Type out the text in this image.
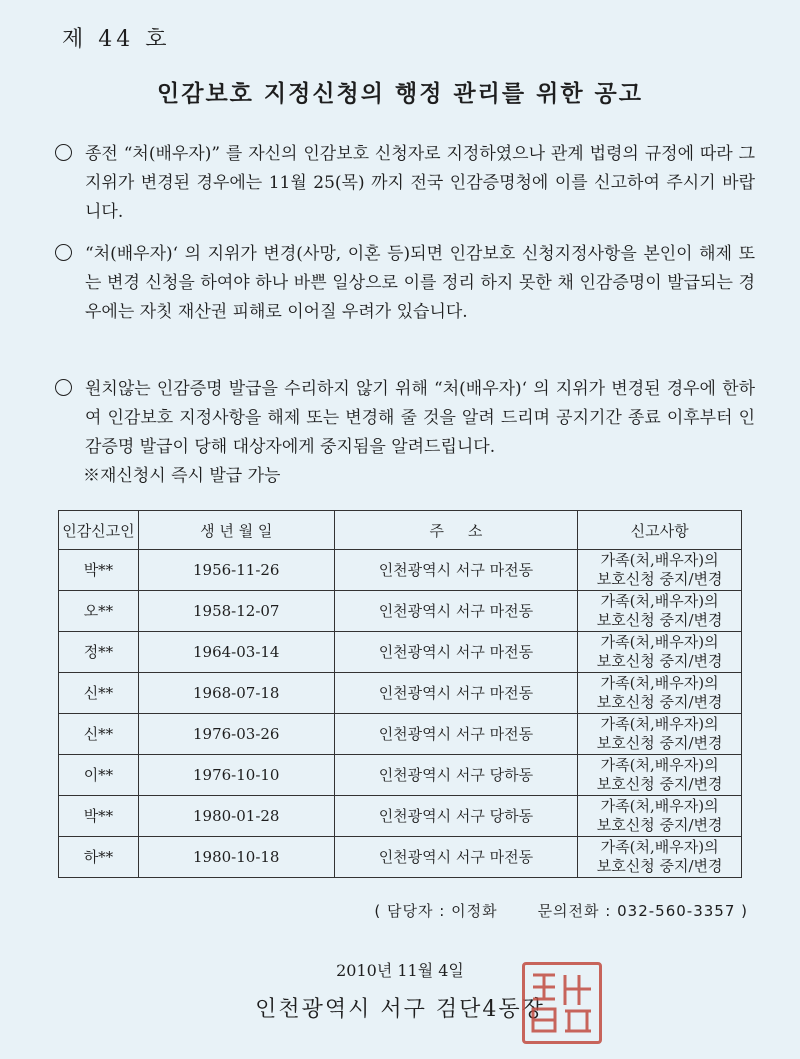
제 44 호
인감보호 지정신청의 행정 관리를 위한 공고
종전 “처(배우자)” 를 자신의 인감보호 신청자로 지정하였으나 관계 법령의 규정에 따라 그 지위가 변경된 경우에는 11월 25(목) 까지 전국 인감증명청에 이를 신고하여 주시기 바랍니다.
“처(배우자)‘ 의 지위가 변경(사망, 이혼 등)되면 인감보호 신청지정사항을 본인이 해제 또는 변경 신청을 하여야 하나 바쁜 일상으로 이를 정리 하지 못한 채 인감증명이 발급되는 경우에는 자칫 재산권 피해로 이어질 우려가 있습니다.
원치않는 인감증명 발급을 수리하지 않기 위해 “처(배우자)‘ 의 지위가 변경된 경우에 한하여 인감보호 지정사항을 해제 또는 변경해 줄 것을 알려 드리며 공지기간 종료 이후부터 인감증명 발급이 당해 대상자에게 중지됨을 알려드립니다.
※재신청시 즉시 발급 가능
인감신고인	생 년 월 일	주     소	신고사항
박**	1956-11-26	인천광역시 서구 마전동	가족(처,배우자)의
보호신청 중지/변경

오**	1958-12-07	인천광역시 서구 마전동	가족(처,배우자)의
보호신청 중지/변경

정**	1964-03-14	인천광역시 서구 마전동	가족(처,배우자)의
보호신청 중지/변경

신**	1968-07-18	인천광역시 서구 마전동	가족(처,배우자)의
보호신청 중지/변경

신**	1976-03-26	인천광역시 서구 마전동	가족(처,배우자)의
보호신청 중지/변경

이**	1976-10-10	인천광역시 서구 당하동	가족(처,배우자)의
보호신청 중지/변경

박**	1980-01-28	인천광역시 서구 당하동	가족(처,배우자)의
보호신청 중지/변경

하**	1980-10-18	인천광역시 서구 마전동	가족(처,배우자)의
보호신청 중지/변경
( 담당자 : 이정화	문의전화 : 032-560-3357 )
2010년 11월 4일
인천광역시 서구 검단4동장
